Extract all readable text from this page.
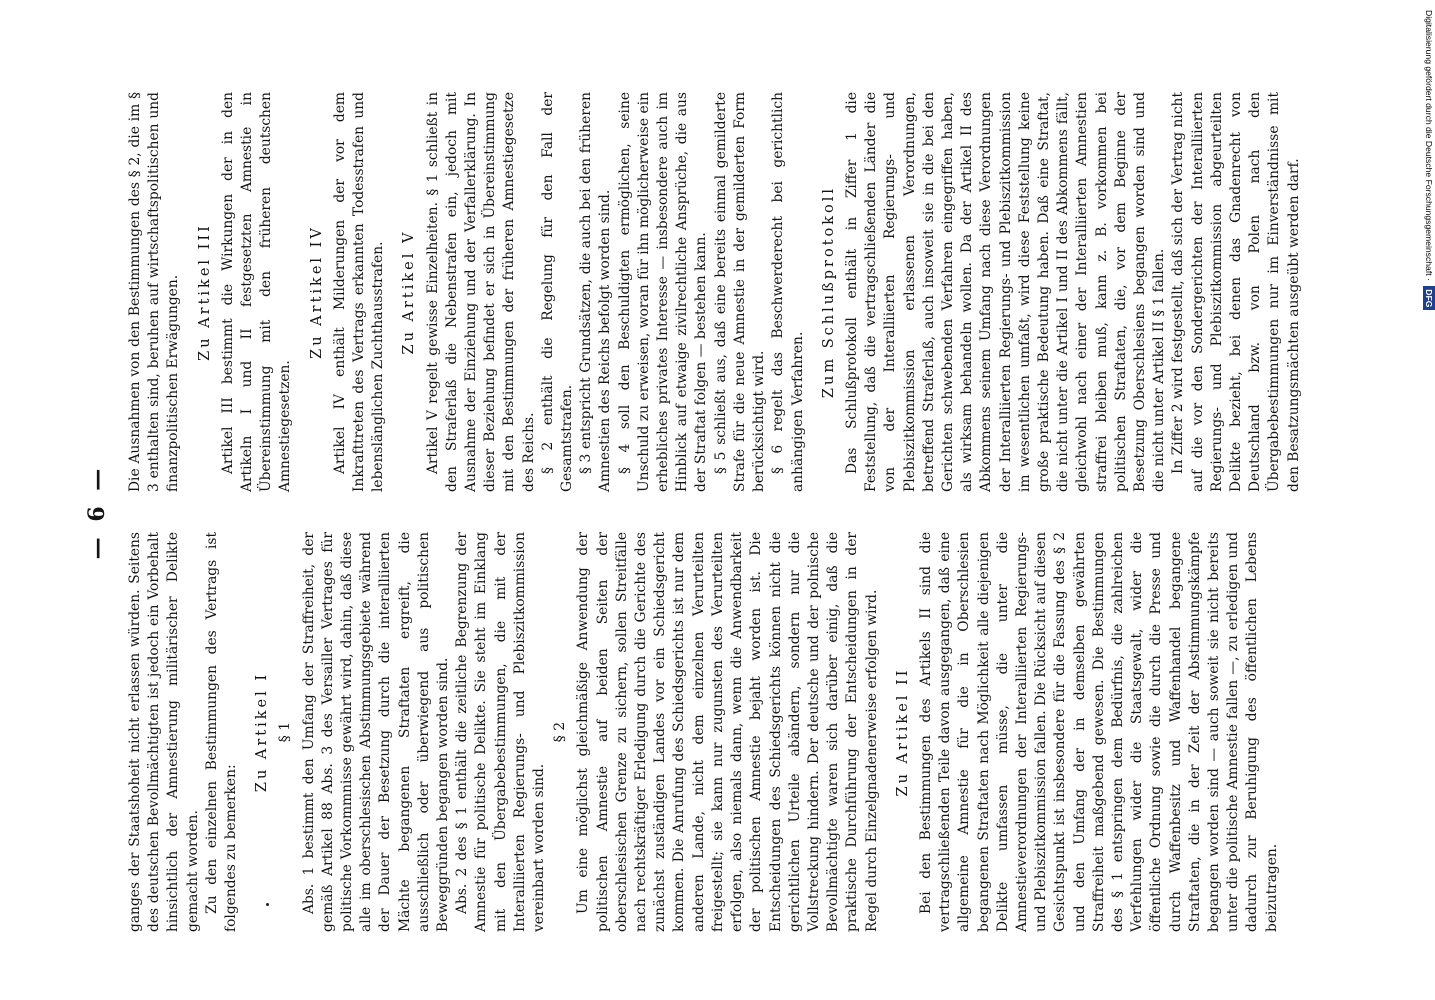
— 6 —
ganges der Staatshoheit nicht erlassen würden. Seitens des deutschen Bevollmächtigten ist jedoch ein Vorbehalt hinsichtlich der Amnestierung militärischer Delikte gemacht worden. Zu den einzelnen Bestimmungen des Vertrags ist folgendes zu bemerken:
Zu Artikel I § 1 Abs. 1 bestimmt den Umfang der Straffreiheit, der gemäß Artikel 88 Abs. 3 des Versailler Vertrages für politische Vorkommnisse gewährt wird, dahin, daß diese alle im oberschlesischen Abstimmungsgebiete während der Dauer der Besetzung durch die interalliierten Mächte begangenen Straftaten ergreift, die ausschließlich oder überwiegend aus politischen Beweggründen begangen worden sind. Abs. 2 des § 1 enthält die zeitliche Begrenzung der Amnestie für politische Delikte. Sie steht im Einklang mit den Übergabebestimmungen, die mit der Interalliierten Regierungs- und Plebiszitkommission vereinbart worden sind.
§ 2 Um eine möglichst gleichmäßige Anwendung der politischen Amnestie auf beiden Seiten der oberschlesischen Grenze zu sichern, sollen Streitfälle nach rechtskräftiger Erledigung durch die Gerichte des zunächst zuständigen Landes vor ein Schiedsgericht kommen. Die Anrufung des Schiedsgerichts ist nur dem anderen Lande, nicht dem einzelnen Verurteilten freigestellt; sie kann nur zugunsten des Verurteilten erfolgen, also niemals dann, wenn die Anwendbarkeit der politischen Amnestie bejaht worden ist. Die Entscheidungen des Schiedsgerichts können nicht die gerichtlichen Urteile abändern, sondern nur die Vollstreckung hindern. Der deutsche und der polnische Bevollmächtigte waren sich darüber einig, daß die praktische Durchführung der Entscheidungen in der Regel durch Einzelgnadenerweise erfolgen wird. Zu Artikel II Bei den Bestimmungen des Artikels II sind die vertragschließenden Teile davon ausgegangen, daß eine allgemeine Amnestie für die in Oberschlesien begangenen Straftaten nach Möglichkeit alle diejenigen Delikte umfassen müsse, die unter die Amnestieverordnungen der Interalliierten Regierungs- und Plebiszitkommission fallen. Die Rücksicht auf diesen Gesichtspunkt ist insbesondere für die Fassung des § 2 und den Umfang der in demselben gewährten Straffreiheit maßgebend gewesen. Die Bestimmungen des § 1 entspringen dem Bedürfnis, die zahlreichen Verfehlungen wider die Staatsgewalt, wider die öffentliche Ordnung sowie die durch die Presse und durch Waffenbesitz und Waffenhandel begangene Straftaten, die in der Zeit der Abstimmungskämpfe begangen worden sind — auch soweit sie nicht bereits unter die politische Amnestie fallen —, zu erledigen und dadurch zur Beruhigung des öffentlichen Lebens beizutragen.
Die Ausnahmen von den Bestimmungen des § 2, die im § 3 enthalten sind, beruhen auf wirtschaftspolitischen und finanzpolitischen Erwägungen. Zu Artikel III Artikel III bestimmt die Wirkungen der in den Artikeln I und II festgesetzten Amnestie in Übereinstimmung mit den früheren deutschen Amnestiegesetzen.
Zu Artikel IV Artikel IV enthält Milderungen der vor dem Inkrafttreten des Vertrags erkannten Todesstrafen und lebenslänglichen Zuchthausstrafen. Zu Artikel V Artikel V regelt gewisse Einzelheiten. § 1 schließt in den Straferlaß die Nebenstrafen ein, jedoch mit Ausnahme der Einziehung und der Verfallerklärung. In dieser Beziehung befindet er sich in Übereinstimmung mit den Bestimmungen der früheren Amnestiegesetze des Reichs. § 2 enthält die Regelung für den Fall der Gesamtstrafen. § 3 entspricht Grundsätzen, die auch bei den früheren Amnestien des Reichs befolgt worden sind. § 4 soll den Beschuldigten ermöglichen, seine Unschuld zu erweisen, woran für ihn möglicherweise ein erhebliches privates Interesse — insbesondere auch im Hinblick auf etwaige zivilrechtliche Ansprüche, die aus der Straftat folgen — bestehen kann. § 5 schließt aus, daß eine bereits einmal gemilderte Strafe für die neue Amnestie in der gemilderten Form berücksichtigt wird. § 6 regelt das Beschwerderecht bei gerichtlich anhängigen Verfahren.
Zum Schlußprotokoll Das Schlußprotokoll enthält in Ziffer 1 die Feststellung, daß die vertragschließenden Länder die von der Interalliierten Regierungs- und Plebiszitkommission erlassenen Verordnungen, betreffend Straferlaß, auch insoweit sie in die bei den Gerichten schwebenden Verfahren eingegriffen haben, als wirksam behandeln wollen. Da der Artikel II des Abkommens seinem Umfang nach diese Verordnungen der Interalliierten Regierungs- und Plebiszitkommission im wesentlichen umfaßt, wird diese Feststellung keine große praktische Bedeutung haben. Daß eine Straftat, die nicht unter die Artikel I und II des Abkommens fällt, gleichwohl nach einer der Interalliierten Amnestien straffrei bleiben muß, kann z. B. vorkommen bei politischen Straftaten, die, vor dem Beginne der Besetzung Oberschlesiens begangen worden sind und die nicht unter Artikel II § 1 fallen. In Ziffer 2 wird festgestellt, daß sich der Vertrag nicht auf die vor den Sondergerichten der Interalliierten Regierungs- und Plebiszitkommission abgeurteilten Delikte bezieht, bei denen das Gnadenrecht von Deutschland bzw. von Polen nach den Übergabebestimmungen nur im Einverständnisse mit den Besatzungsmächten ausgeübt werden darf.
Digitalisierung gefördert durch die Deutsche Forschungsgemeinschaft · DFG
